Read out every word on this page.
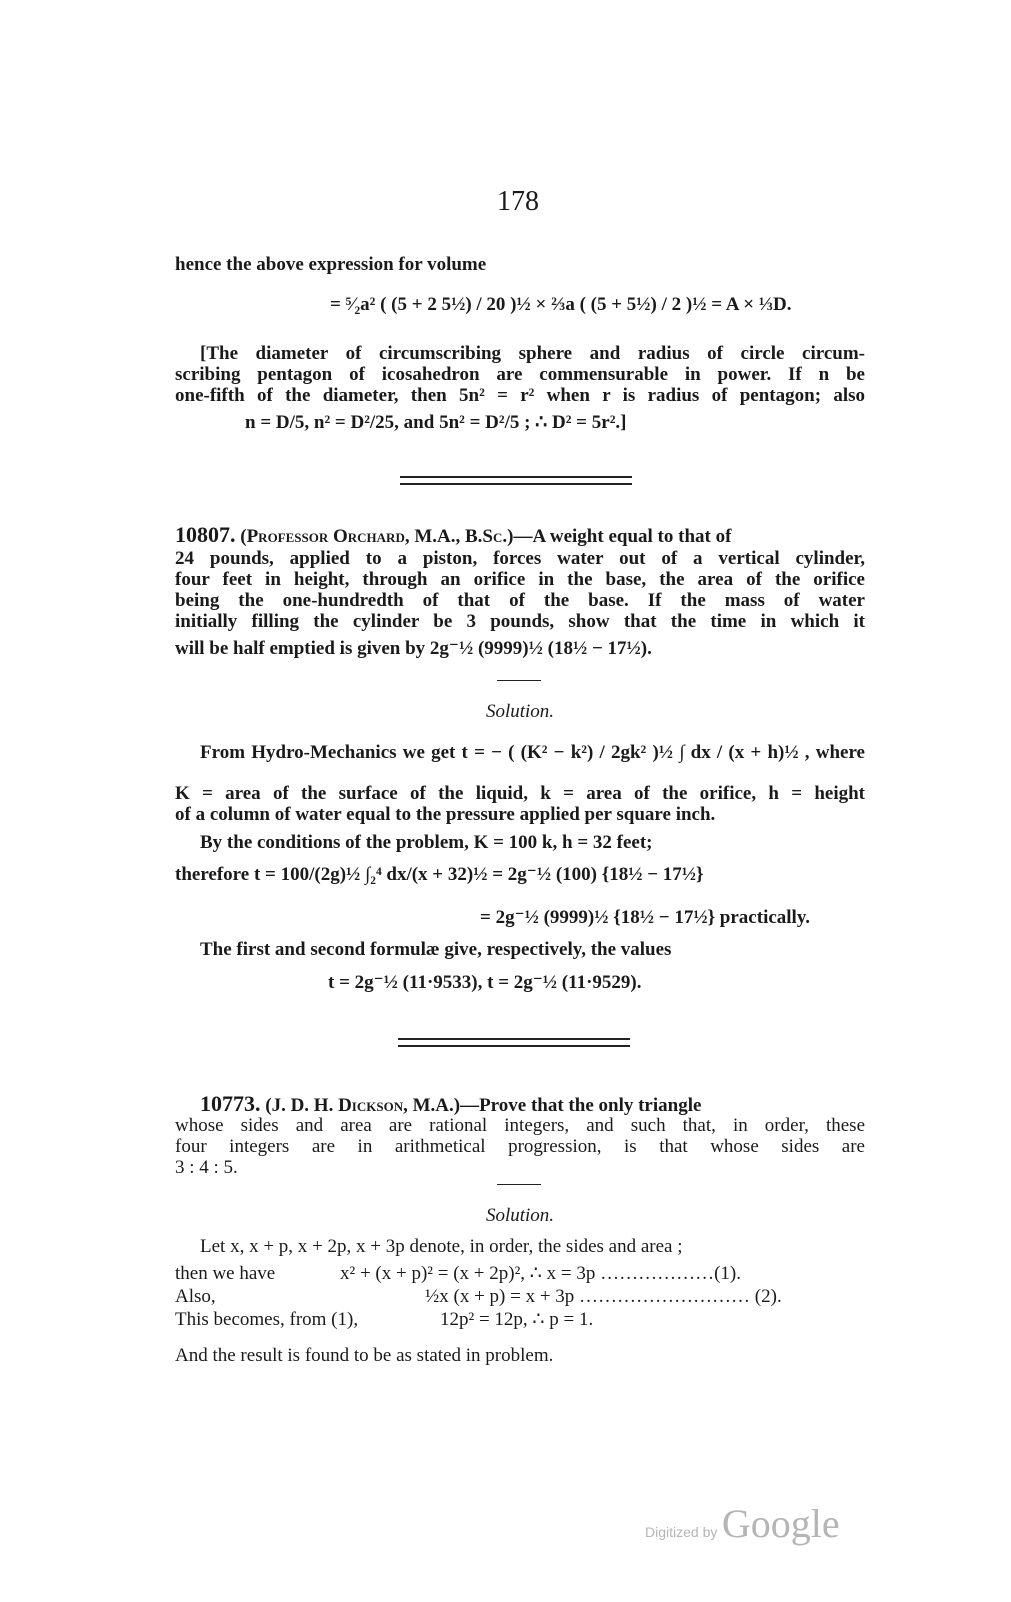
178
hence the above expression for volume
= ⁵⁄₂a² ( (5 + 2 5½) / 20 )½ × ⅔a ( (5 + 5½) / 2 )½ = A × ⅓D.
[The diameter of circumscribing sphere and radius of circle circum-
scribing pentagon of icosahedron are commensurable in power. If n be
one-fifth of the diameter, then 5n² = r² when r is radius of pentagon; also
n = D/5, n² = D²/25, and 5n² = D²/5 ; ∴ D² = 5r².]
10807. (Professor Orchard, M.A., B.Sc.)—A weight equal to that of
24 pounds, applied to a piston, forces water out of a vertical cylinder,
four feet in height, through an orifice in the base, the area of the orifice
being the one-hundredth of that of the base. If the mass of water
initially filling the cylinder be 3 pounds, show that the time in which it
will be half emptied is given by 2g⁻½ (9999)½ (18½ − 17½).
Solution.
From Hydro-Mechanics we get t = − ( (K² − k²) / 2gk² )½ ∫ dx / (x + h)½ , where
K = area of the surface of the liquid, k = area of the orifice, h = height
of a column of water equal to the pressure applied per square inch.
By the conditions of the problem, K = 100 k, h = 32 feet;
therefore t = 100/(2g)½ ∫₂⁴ dx/(x + 32)½ = 2g⁻½ (100) {18½ − 17½}
= 2g⁻½ (9999)½ {18½ − 17½} practically.
The first and second formulæ give, respectively, the values
t = 2g⁻½ (11·9533), t = 2g⁻½ (11·9529).
10773. (J. D. H. Dickson, M.A.)—Prove that the only triangle
whose sides and area are rational integers, and such that, in order, these
four integers are in arithmetical progression, is that whose sides are
3 : 4 : 5.
Solution.
Let x, x + p, x + 2p, x + 3p denote, in order, the sides and area ;
then we have	x² + (x + p)² = (x + 2p)², ∴ x = 3p ………………(1).
Also,	½x (x + p) = x + 3p ……………………… (2).
This becomes, from (1),	12p² = 12p, ∴ p = 1.
And the result is found to be as stated in problem.
Digitized by Google
